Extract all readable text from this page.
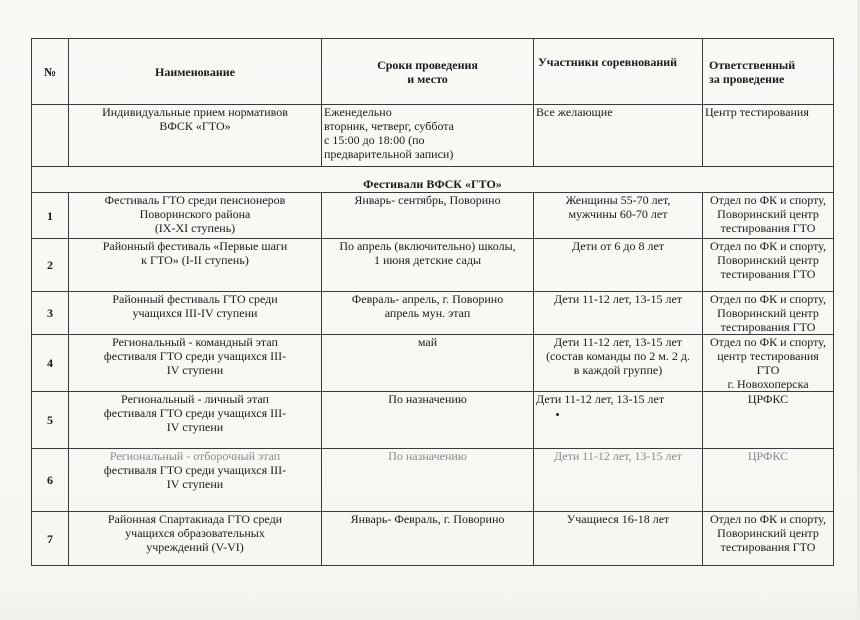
№	Наименование	Сроки проведения
и место	Участники соревнований	Ответственный
за проведение
	Индивидуальные прием нормативов
ВФСК «ГТО»	Еженедельно
вторник, четверг, суббота
с 15:00 до 18:00 (по
предварительной записи)	Все желающие	Центр тестирования
Фестивали ВФСК «ГТО»				
1	Фестиваль ГТО среди пенсионеров
Поворинского района
(IX-XI ступень)	Январь- сентябрь, Поворино	Женщины 55-70 лет,
мужчины 60-70 лет	Отдел по ФК и спорту,
Поворинский центр
тестирования ГТО
2	Районный фестиваль «Первые шаги
к ГТО» (I-II ступень)	По апрель (включительно) школы,
1 июня детские сады	Дети от 6 до 8 лет	Отдел по ФК и спорту,
Поворинский центр
тестирования ГТО
3	Районный фестиваль ГТО среди
учащихся III-IV ступени	Февраль- апрель, г. Поворино
апрель мун. этап	Дети 11-12 лет, 13-15 лет	Отдел по ФК и спорту,
Поворинский центр
тестирования ГТО
4	Региональный - командный этап
фестиваля ГТО среди учащихся III-
IV ступени	май	Дети 11-12 лет, 13-15 лет
(состав команды по 2 м. 2 д.
в каждой группе)	Отдел по ФК и спорту,
центр тестирования ГТО
г. Новохоперска
5	Региональный - личный этап
фестиваля ГТО среди учащихся III-
IV ступени	По назначению	Дети 11-12 лет, 13-15 лет	ЦРФКС
6	Региональный - отборочный этап
фестиваля ГТО среди учащихся III-
IV ступени	По назначению	Дети 11-12 лет, 13-15 лет	ЦРФКС
7	Районная Спартакиада ГТО среди
учащихся образовательных
учреждений (V-VI)	Январь- Февраль, г. Поворино	Учащиеся 16-18 лет	Отдел по ФК и спорту,
Поворинский центр
тестирования ГТО
